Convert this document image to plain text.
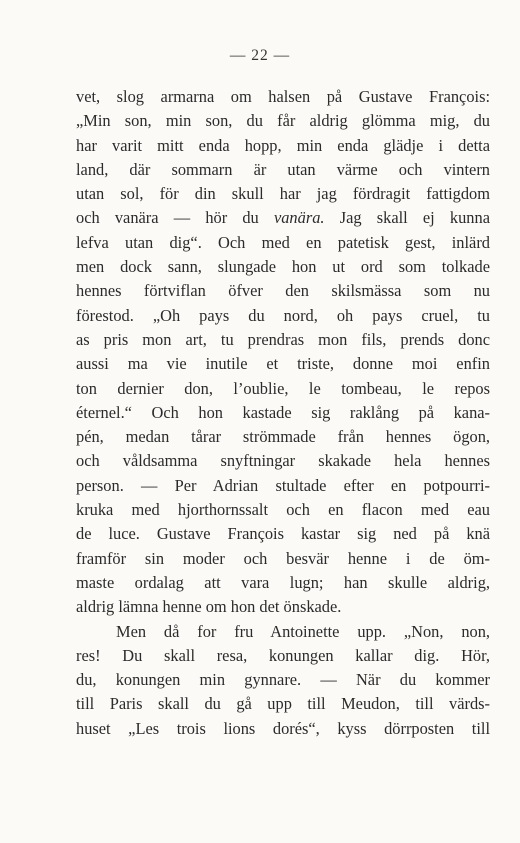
— 22 —
vet, slog armarna om halsen på Gustave François:
„Min son, min son, du får aldrig glömma mig, du
har varit mitt enda hopp, min enda glädje i detta
land, där sommarn är utan värme och vintern
utan sol, för din skull har jag fördragit fattigdom
och vanära — hör du vanära. Jag skall ej kunna
lefva utan dig“. Och med en patetisk gest, inlärd
men dock sann, slungade hon ut ord som tolkade
hennes förtviflan öfver den skilsmässa som nu
förestod. „Oh pays du nord, oh pays cruel, tu
as pris mon art, tu prendras mon fils, prends donc
aussi ma vie inutile et triste, donne moi enfin
ton dernier don, l’oublie, le tombeau, le repos
éternel.“ Och hon kastade sig raklång på kana-
pén, medan tårar strömmade från hennes ögon,
och våldsamma snyftningar skakade hela hennes
person. — Per Adrian stultade efter en potpourri-
kruka med hjorthornssalt och en flacon med eau
de luce. Gustave François kastar sig ned på knä
framför sin moder och besvär henne i de öm-
maste ordalag att vara lugn; han skulle aldrig,
aldrig lämna henne om hon det önskade.
Men då for fru Antoinette upp. „Non, non,
res! Du skall resa, konungen kallar dig. Hör,
du, konungen min gynnare. — När du kommer
till Paris skall du gå upp till Meudon, till värds-
huset „Les trois lions dorés“, kyss dörrposten till
